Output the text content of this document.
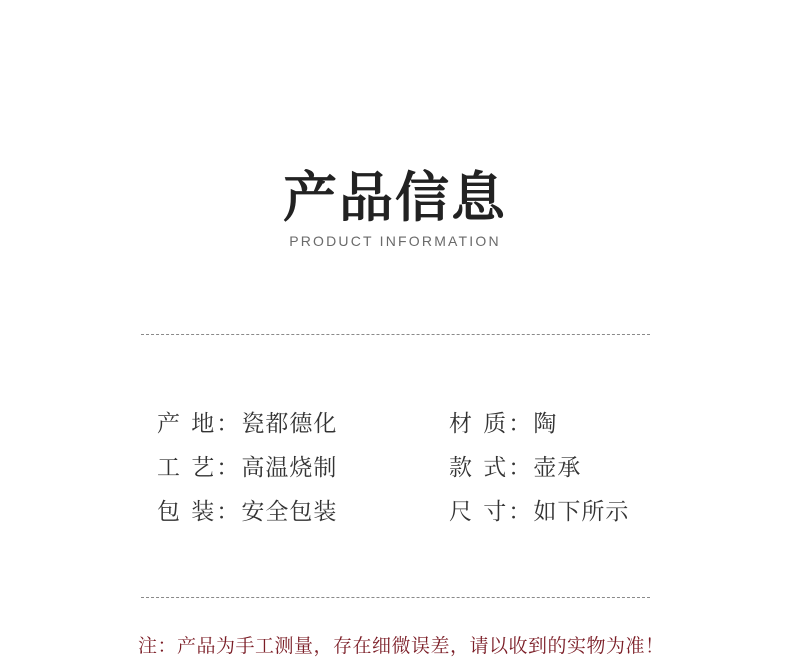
产品信息
PRODUCT INFORMATION
产 地：瓷都德化	材 质：陶
工 艺：高温烧制	款 式：壶承
包 装：安全包装	尺 寸：如下所示
注：产品为手工测量，存在细微误差，请以收到的实物为准！
